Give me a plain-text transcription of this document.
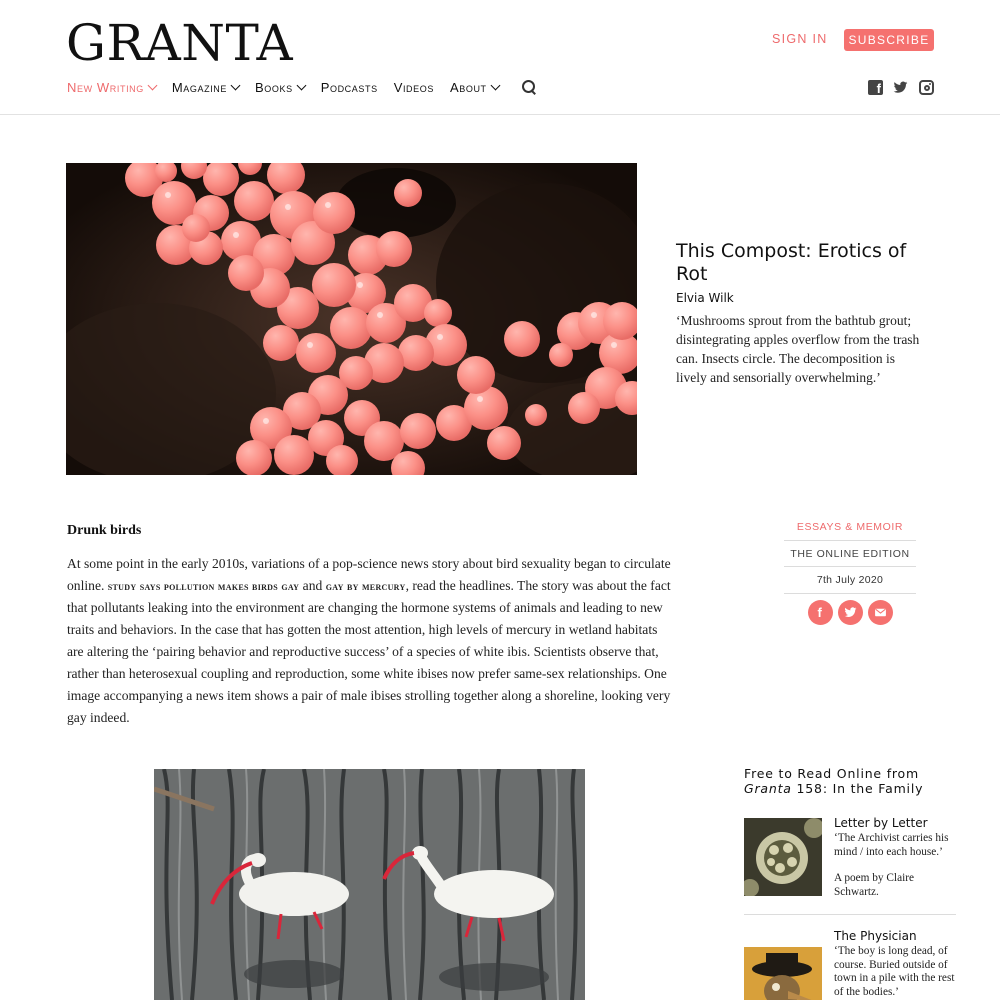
GRANTA	SIGN IN	SUBSCRIBE
New Writing Magazine Books Podcasts Videos About	f
This Compost: Erotics of Rot
Elvia Wilk
‘Mushrooms sprout from the bathtub grout; disintegrating apples overflow from the trash can. Insects circle. The decomposition is lively and sensorially overwhelming.’
Drunk birds
At some point in the early 2010s, variations of a pop-science news story about bird sexuality began to circulate online. study says pollution makes birds gay and gay by mercury, read the headlines. The story was about the fact that pollutants leaking into the environment are changing the hormone systems of animals and leading to new traits and behaviors. In the case that has gotten the most attention, high levels of mercury in wetland habitats are altering the ‘pairing behavior and reproductive success’ of a species of white ibis. Scientists observe that, rather than heterosexual coupling and reproduction, some white ibises now prefer same-sex relationships. One image accompanying a news item shows a pair of male ibises strolling together along a shoreline, looking very gay indeed.
ESSAYS & MEMOIR
THE ONLINE EDITION
7th July 2020
f
Free to Read Online from Granta 158: In the Family
Letter by Letter
‘The Archivist carries his mind / into each house.’
A poem by Claire Schwartz.
The Physician
‘The boy is long dead, of course. Buried outside of town in a pile with the rest of the bodies.’
